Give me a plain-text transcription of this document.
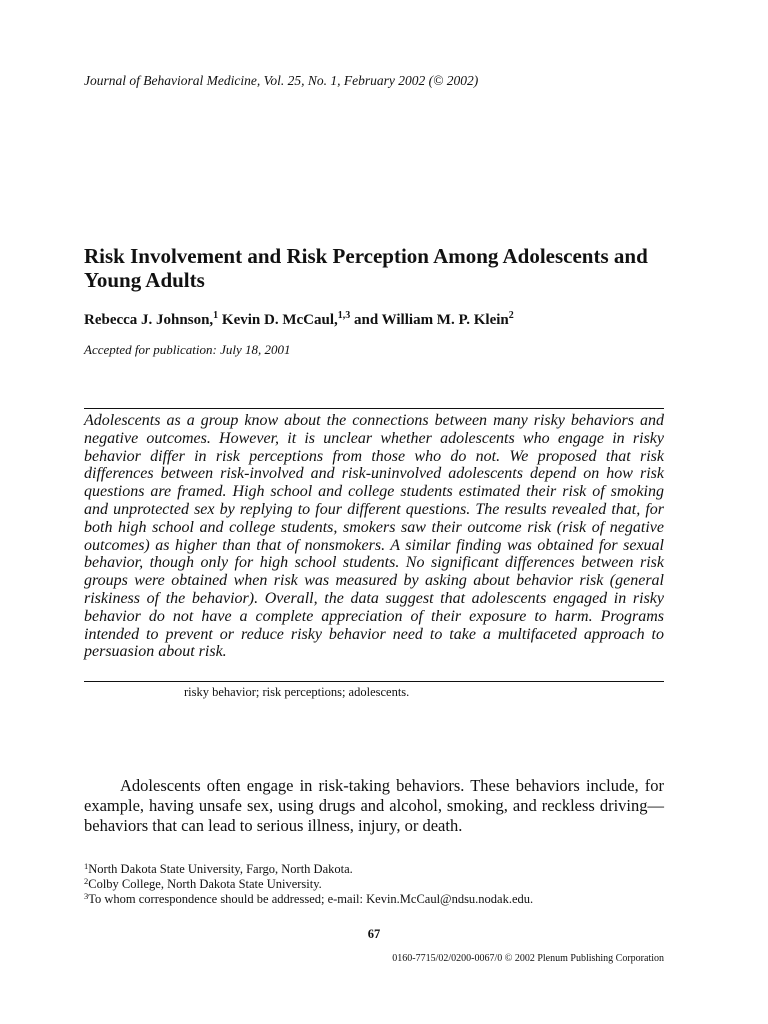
Journal of Behavioral Medicine, Vol. 25, No. 1, February 2002 (© 2002)
Risk Involvement and Risk Perception Among Adolescents and Young Adults
Rebecca J. Johnson,$^1$ Kevin D. McCaul,$^{1,3}$ and William M. P. Klein$^2$
Accepted for publication: July 18, 2001

Adolescents as a group know about the connections between many risky behaviors and negative outcomes. However, it is unclear whether adolescents who engage in risky behavior differ in risk perceptions from those who do not. We proposed that risk differences between risk-involved and risk-uninvolved adolescents depend on how risk questions are framed. High school and college students estimated their risk of smoking and unprotected sex by replying to four different questions. The results revealed that, for both high school and college students, smokers saw their outcome risk (risk of negative outcomes) as higher than that of nonsmokers. A similar finding was obtained for sexual behavior, though only for high school students. No significant differences between risk groups were obtained when risk was measured by asking about behavior risk (general riskiness of the behavior). Overall, the data suggest that adolescents engaged in risky behavior do not have a complete appreciation of their exposure to harm. Programs intended to prevent or reduce risky behavior need to take a multifaceted approach to persuasion about risk.

risky behavior; risk perceptions; adolescents.

Adolescents often engage in risk-taking behaviors. These behaviors include, for example, having unsafe sex, using drugs and alcohol, smoking, and reckless driving—behaviors that can lead to serious illness, injury, or death.

$^1$North Dakota State University, Fargo, North Dakota.
$^2$Colby College, North Dakota State University.
$^3$To whom correspondence should be addressed; e-mail: Kevin.McCaul@ndsu.nodak.edu.
67
0160-7715/02/0200-0067/0 © 2002 Plenum Publishing Corporation
